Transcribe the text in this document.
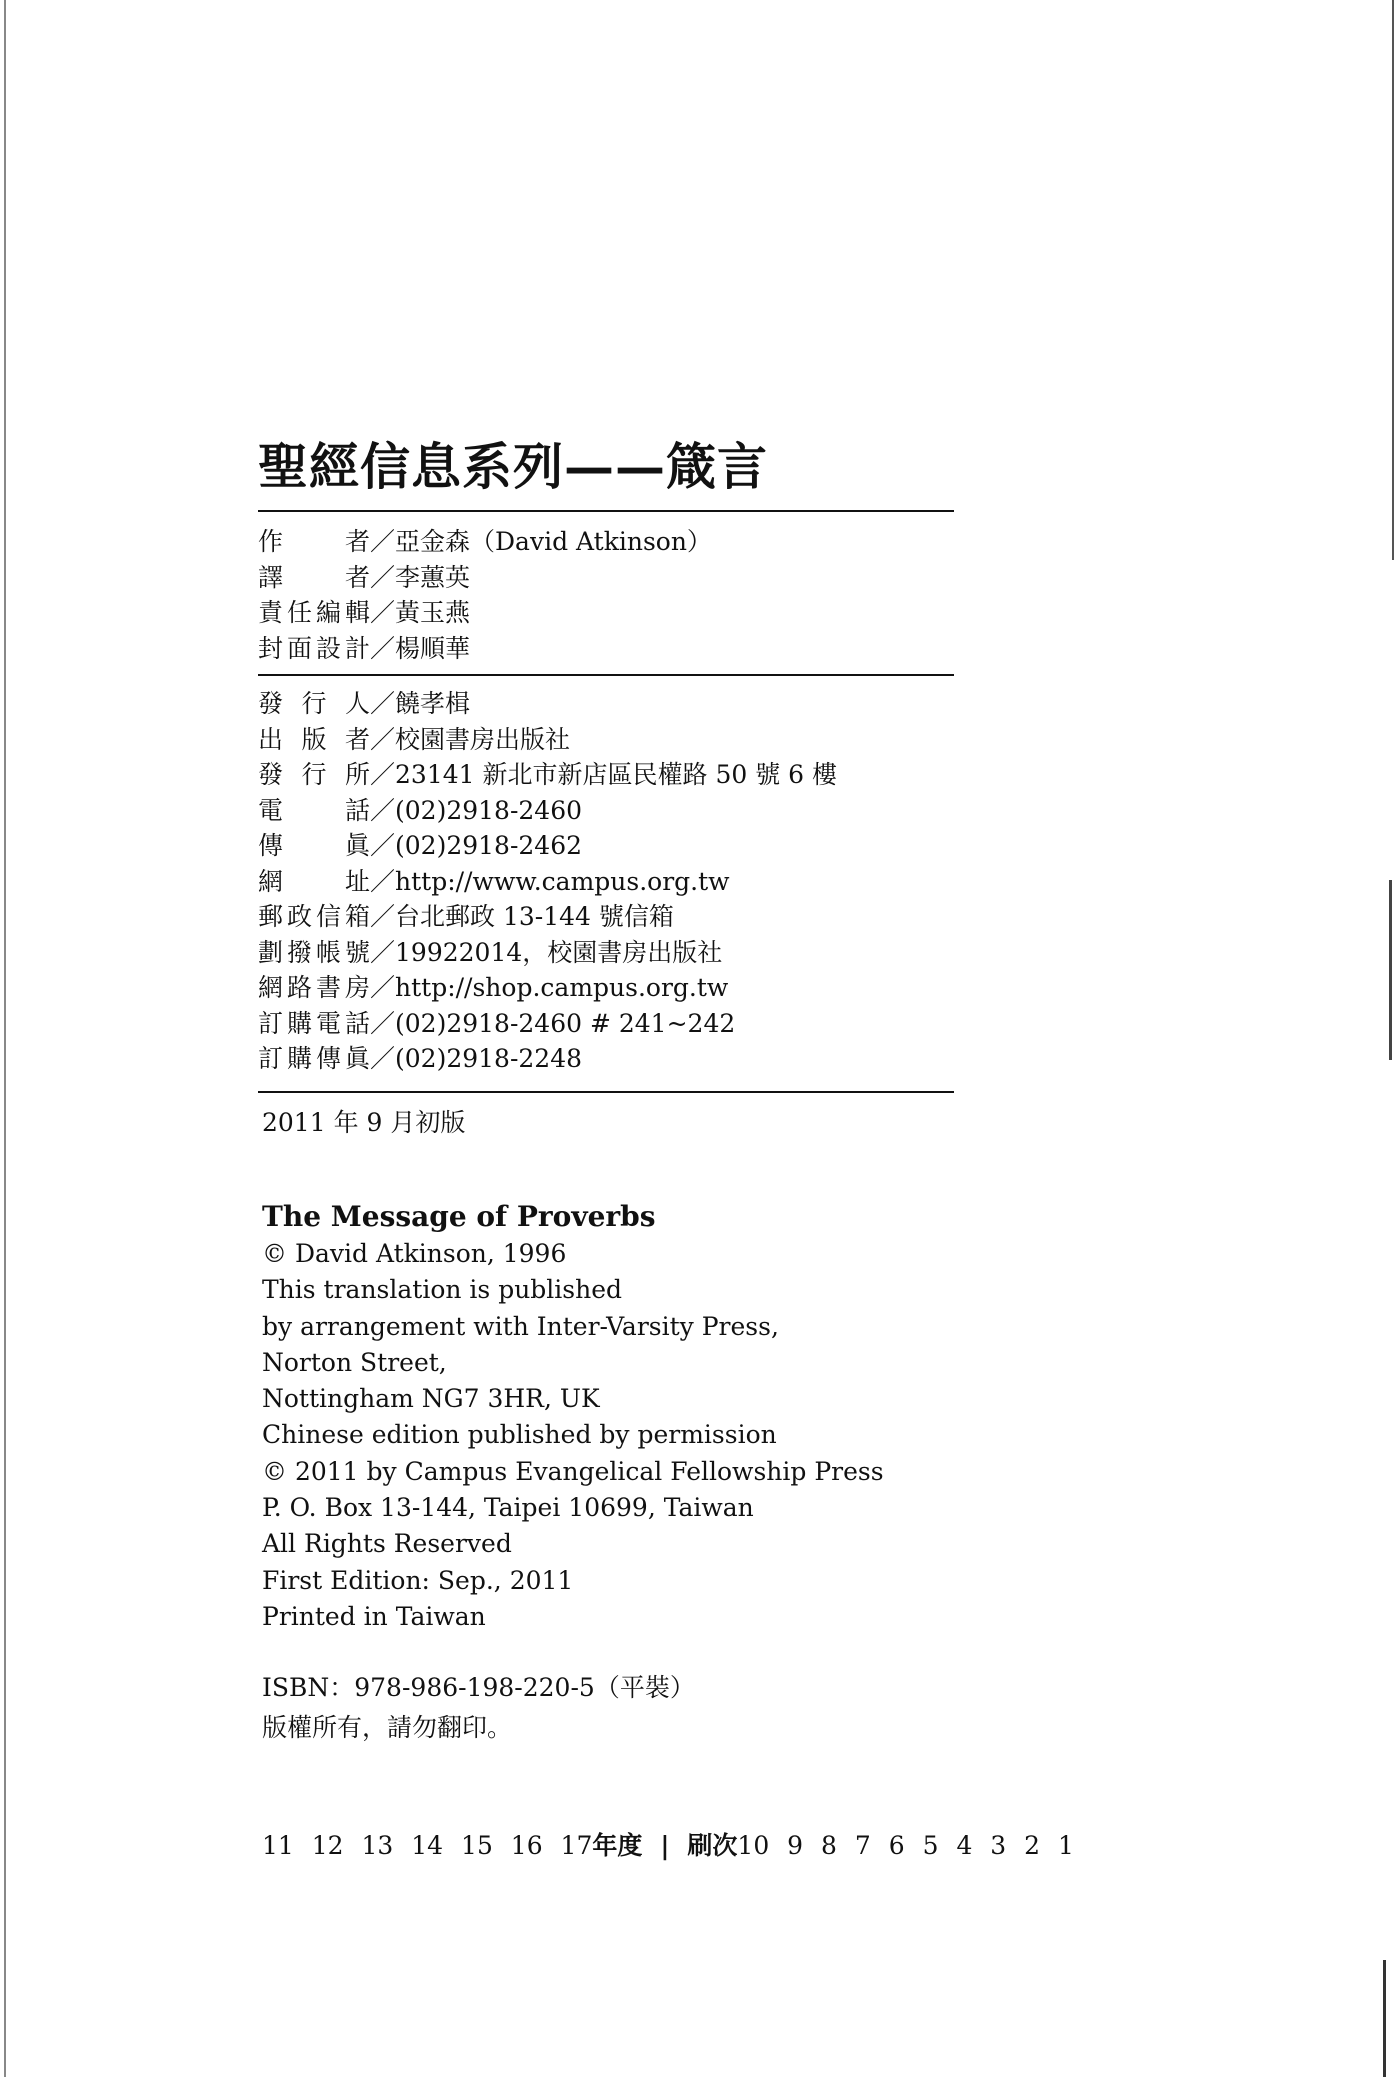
聖經信息系列——箴言
作　　者 ／ 亞金森（David Atkinson）
譯　　者 ／ 李蕙英
責任編輯 ／ 黃玉燕
封面設計 ／ 楊順華
發 行 人 ／ 饒孝楫
出 版 者 ／ 校園書房出版社
發 行 所 ／ 23141 新北市新店區民權路 50 號 6 樓
電　　話 ／ (02)2918-2460
傳　　眞 ／ (02)2918-2462
網　　址 ／ http://www.campus.org.tw
郵政信箱 ／ 台北郵政 13-144 號信箱
劃撥帳號 ／ 19922014，校園書房出版社
網路書房 ／ http://shop.campus.org.tw
訂購電話 ／ (02)2918-2460 # 241~242
訂購傳眞 ／ (02)2918-2248
2011 年 9 月初版
The Message of Proverbs
© David Atkinson, 1996
This translation is published
by arrangement with Inter-Varsity Press,
Norton Street,
Nottingham NG7 3HR, UK
Chinese edition published by permission
© 2011 by Campus Evangelical Fellowship Press
P. O. Box 13-144, Taipei 10699, Taiwan
All Rights Reserved
First Edition: Sep., 2011
Printed in Taiwan
ISBN：978-986-198-220-5（平裝）
版權所有，請勿翻印。
11 12 13 14 15 16 17年度 | 刷次10 9 8 7 6 5 4 3 2 1
